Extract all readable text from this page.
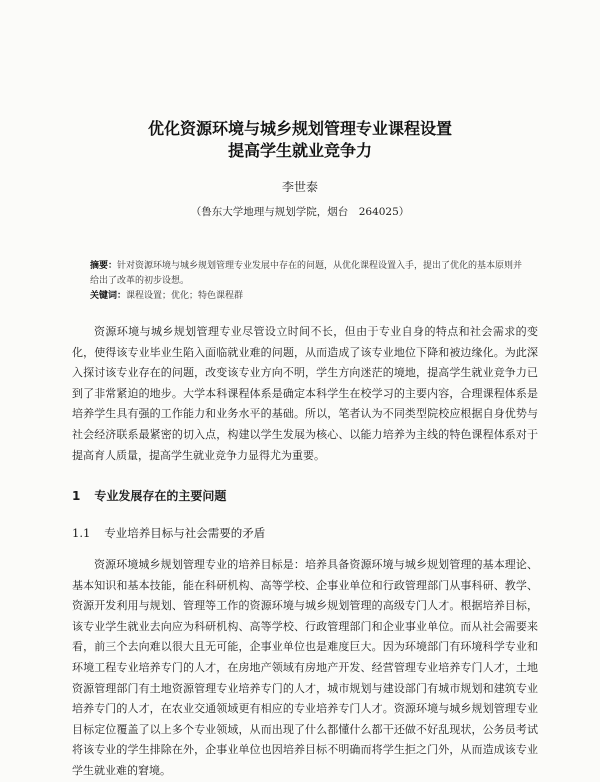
优化资源环境与城乡规划管理专业课程设置
提高学生就业竞争力
李世泰
（鲁东大学地理与规划学院，烟台　264025）
摘要：针对资源环境与城乡规划管理专业发展中存在的问题，从优化课程设置入手，提出了优化的基本原则并给出了改革的初步设想。
关键词：课程设置；优化；特色课程群

资源环境与城乡规划管理专业尽管设立时间不长，但由于专业自身的特点和社会需求的变化，使得该专业毕业生陷入面临就业难的问题，从而造成了该专业地位下降和被边缘化。为此深入探讨该专业存在的问题，改变该专业方向不明，学生方向迷茫的境地，提高学生就业竞争力已到了非常紧迫的地步。大学本科课程体系是确定本科学生在校学习的主要内容，合理课程体系是培养学生具有强的工作能力和业务水平的基础。所以，笔者认为不同类型院校应根据自身优势与社会经济联系最紧密的切入点，构建以学生发展为核心、以能力培养为主线的特色课程体系对于提高育人质量，提高学生就业竞争力显得尤为重要。

1 专业发展存在的主要问题
1.1 专业培养目标与社会需要的矛盾

资源环境城乡规划管理专业的培养目标是：培养具备资源环境与城乡规划管理的基本理论、基本知识和基本技能，能在科研机构、高等学校、企事业单位和行政管理部门从事科研、教学、资源开发利用与规划、管理等工作的资源环境与城乡规划管理的高级专门人才。根据培养目标，该专业学生就业去向应为科研机构、高等学校、行政管理部门和企业事业单位。而从社会需要来看，前三个去向难以很大且无可能，企事业单位也是难度巨大。因为环境部门有环境科学专业和环境工程专业培养专门的人才，在房地产领域有房地产开发、经营管理专业培养专门人才，土地资源管理部门有土地资源管理专业培养专门的人才，城市规划与建设部门有城市规划和建筑专业培养专门的人才，在农业交通领域更有相应的专业培养专门人才。资源环境与城乡规划管理专业目标定位覆盖了以上多个专业领域，从而出现了什么都懂什么都干还做不好乱现状，公务员考试将该专业的学生排除在外，企事业单位也因培养目标不明确而将学生拒之门外，从而造成该专业学生就业难的窘境。
